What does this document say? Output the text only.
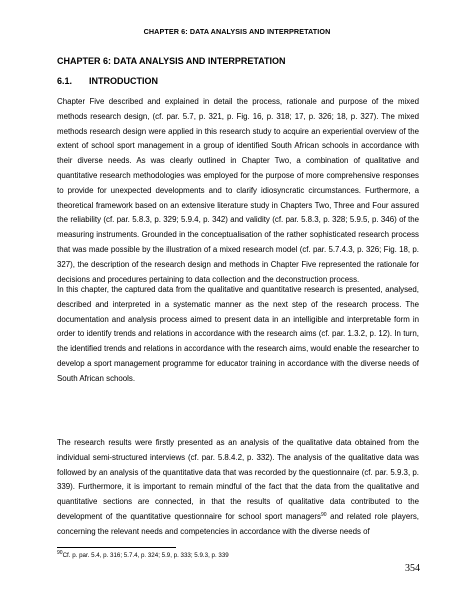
CHAPTER 6: DATA ANALYSIS AND INTERPRETATION
CHAPTER 6: DATA ANALYSIS AND INTERPRETATION
6.1.	INTRODUCTION

Chapter Five described and explained in detail the process, rationale and purpose of the mixed methods research design, (cf. par. 5.7, p. 321, p. Fig. 16, p. 318; 17, p. 326; 18, p. 327). The mixed methods research design were applied in this research study to acquire an experiential overview of the extent of school sport management in a group of identified South African schools in accordance with their diverse needs. As was clearly outlined in Chapter Two, a combination of qualitative and quantitative research methodologies was employed for the purpose of more comprehensive responses to provide for unexpected developments and to clarify idiosyncratic circumstances. Furthermore, a theoretical framework based on an extensive literature study in Chapters Two, Three and Four assured the reliability (cf. par. 5.8.3, p. 329; 5.9.4, p. 342) and validity (cf. par. 5.8.3, p. 328; 5.9.5, p. 346) of the measuring instruments. Grounded in the conceptualisation of the rather sophisticated research process that was made possible by the illustration of a mixed research model (cf. par. 5.7.4.3, p. 326; Fig. 18, p. 327), the description of the research design and methods in Chapter Five represented the rationale for decisions and procedures pertaining to data collection and the deconstruction process.

In this chapter, the captured data from the qualitative and quantitative research is presented, analysed, described and interpreted in a systematic manner as the next step of the research process. The documentation and analysis process aimed to present data in an intelligible and interpretable form in order to identify trends and relations in accordance with the research aims (cf. par. 1.3.2, p. 12). In turn, the identified trends and relations in accordance with the research aims, would enable the researcher to develop a sport management programme for educator training in accordance with the diverse needs of South African schools.

The research results were firstly presented as an analysis of the qualitative data obtained from the individual semi-structured interviews (cf. par. 5.8.4.2, p. 332). The analysis of the qualitative data was followed by an analysis of the quantitative data that was recorded by the questionnaire (cf. par. 5.9.3, p. 339). Furthermore, it is important to remain mindful of the fact that the data from the qualitative and quantitative sections are connected, in that the results of qualitative data contributed to the development of the quantitative questionnaire for school sport managers$^{90}$ and related role players, concerning the relevant needs and competencies in accordance with the diverse needs of

$^{90}$Cf. p. par. 5.4, p. 316; 5.7.4, p. 324; 5.9, p. 333; 5.9.3, p. 339
354
